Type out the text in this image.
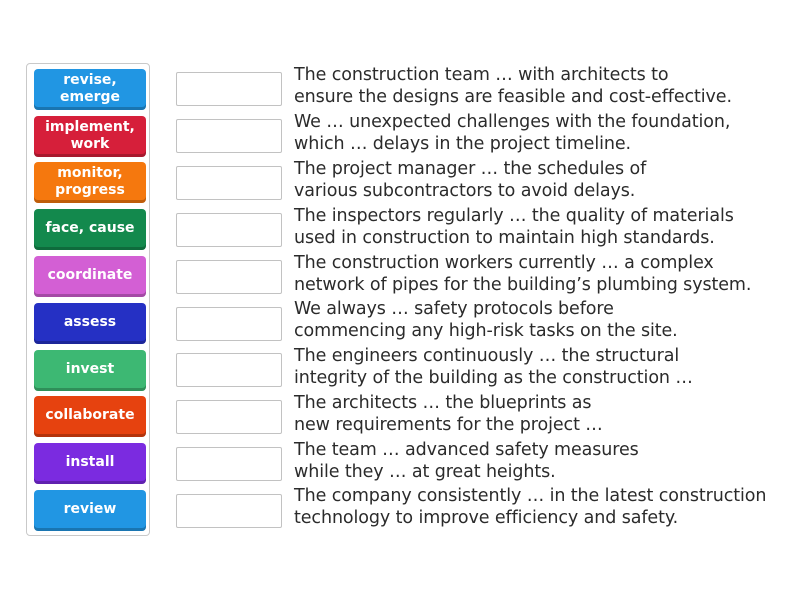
revise,
emerge
implement,
work
monitor,
progress
face, cause
coordinate
assess
invest
collaborate
install
review
The construction team … with architects to
ensure the designs are feasible and cost-effective.
We … unexpected challenges with the foundation,
which … delays in the project timeline.
The project manager … the schedules of
various subcontractors to avoid delays.
The inspectors regularly … the quality of materials
used in construction to maintain high standards.
The construction workers currently … a complex
network of pipes for the building’s plumbing system.
We always … safety protocols before
commencing any high-risk tasks on the site.
The engineers continuously … the structural
integrity of the building as the construction …
The architects … the blueprints as
new requirements for the project …
The team … advanced safety measures
while they … at great heights.
The company consistently … in the latest construction
technology to improve efficiency and safety.
